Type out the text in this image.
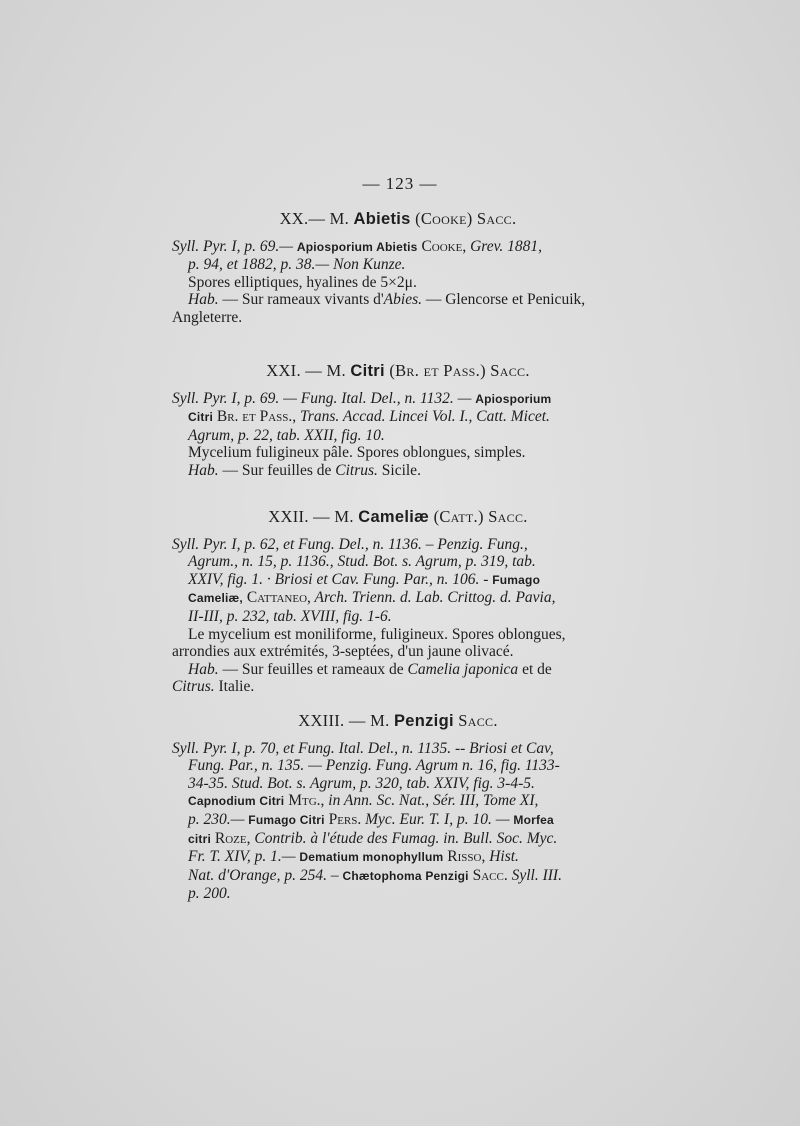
— 123 —
XX.— M. Abietis (Cooke) Sacc.
Syll. Pyr. I, p. 69.— Apiosporium Abietis Cooke, Grev. 1881,
p. 94, et 1882, p. 38.— Non Kunze.
Spores elliptiques, hyalines de 5×2μ.
Hab. — Sur rameaux vivants d'Abies. — Glencorse et Penicuik,
Angleterre.
XXI. — M. Citri (Br. et Pass.) Sacc.
Syll. Pyr. I, p. 69. — Fung. Ital. Del., n. 1132. — Apiosporium
Citri Br. et Pass., Trans. Accad. Lincei Vol. I., Catt. Micet.
Agrum, p. 22, tab. XXII, fig. 10.
Mycelium fuligineux pâle. Spores oblongues, simples.
Hab. — Sur feuilles de Citrus. Sicile.
XXII. — M. Cameliæ (Catt.) Sacc.
Syll. Pyr. I, p. 62, et Fung. Del., n. 1136. – Penzig. Fung.,
Agrum., n. 15, p. 1136., Stud. Bot. s. Agrum, p. 319, tab.
XXIV, fig. 1. · Briosi et Cav. Fung. Par., n. 106. - Fumago
Cameliæ, Cattaneo, Arch. Trienn. d. Lab. Crittog. d. Pavia,
II-III, p. 232, tab. XVIII, fig. 1-6.
Le mycelium est moniliforme, fuligineux. Spores oblongues,
arrondies aux extrémités, 3-septées, d'un jaune olivacé.
Hab. — Sur feuilles et rameaux de Camelia japonica et de
Citrus. Italie.
XXIII. — M. Penzigi Sacc.
Syll. Pyr. I, p. 70, et Fung. Ital. Del., n. 1135. -- Briosi et Cav,
Fung. Par., n. 135. — Penzig. Fung. Agrum n. 16, fig. 1133-
34-35. Stud. Bot. s. Agrum, p. 320, tab. XXIV, fig. 3-4-5.
Capnodium Citri Mtg., in Ann. Sc. Nat., Sér. III, Tome XI,
p. 230.— Fumago Citri Pers. Myc. Eur. T. I, p. 10. — Morfea
citri Roze, Contrib. à l'étude des Fumag. in. Bull. Soc. Myc.
Fr. T. XIV, p. 1.— Dematium monophyllum Risso, Hist.
Nat. d'Orange, p. 254. – Chætophoma Penzigi Sacc. Syll. III.
p. 200.
